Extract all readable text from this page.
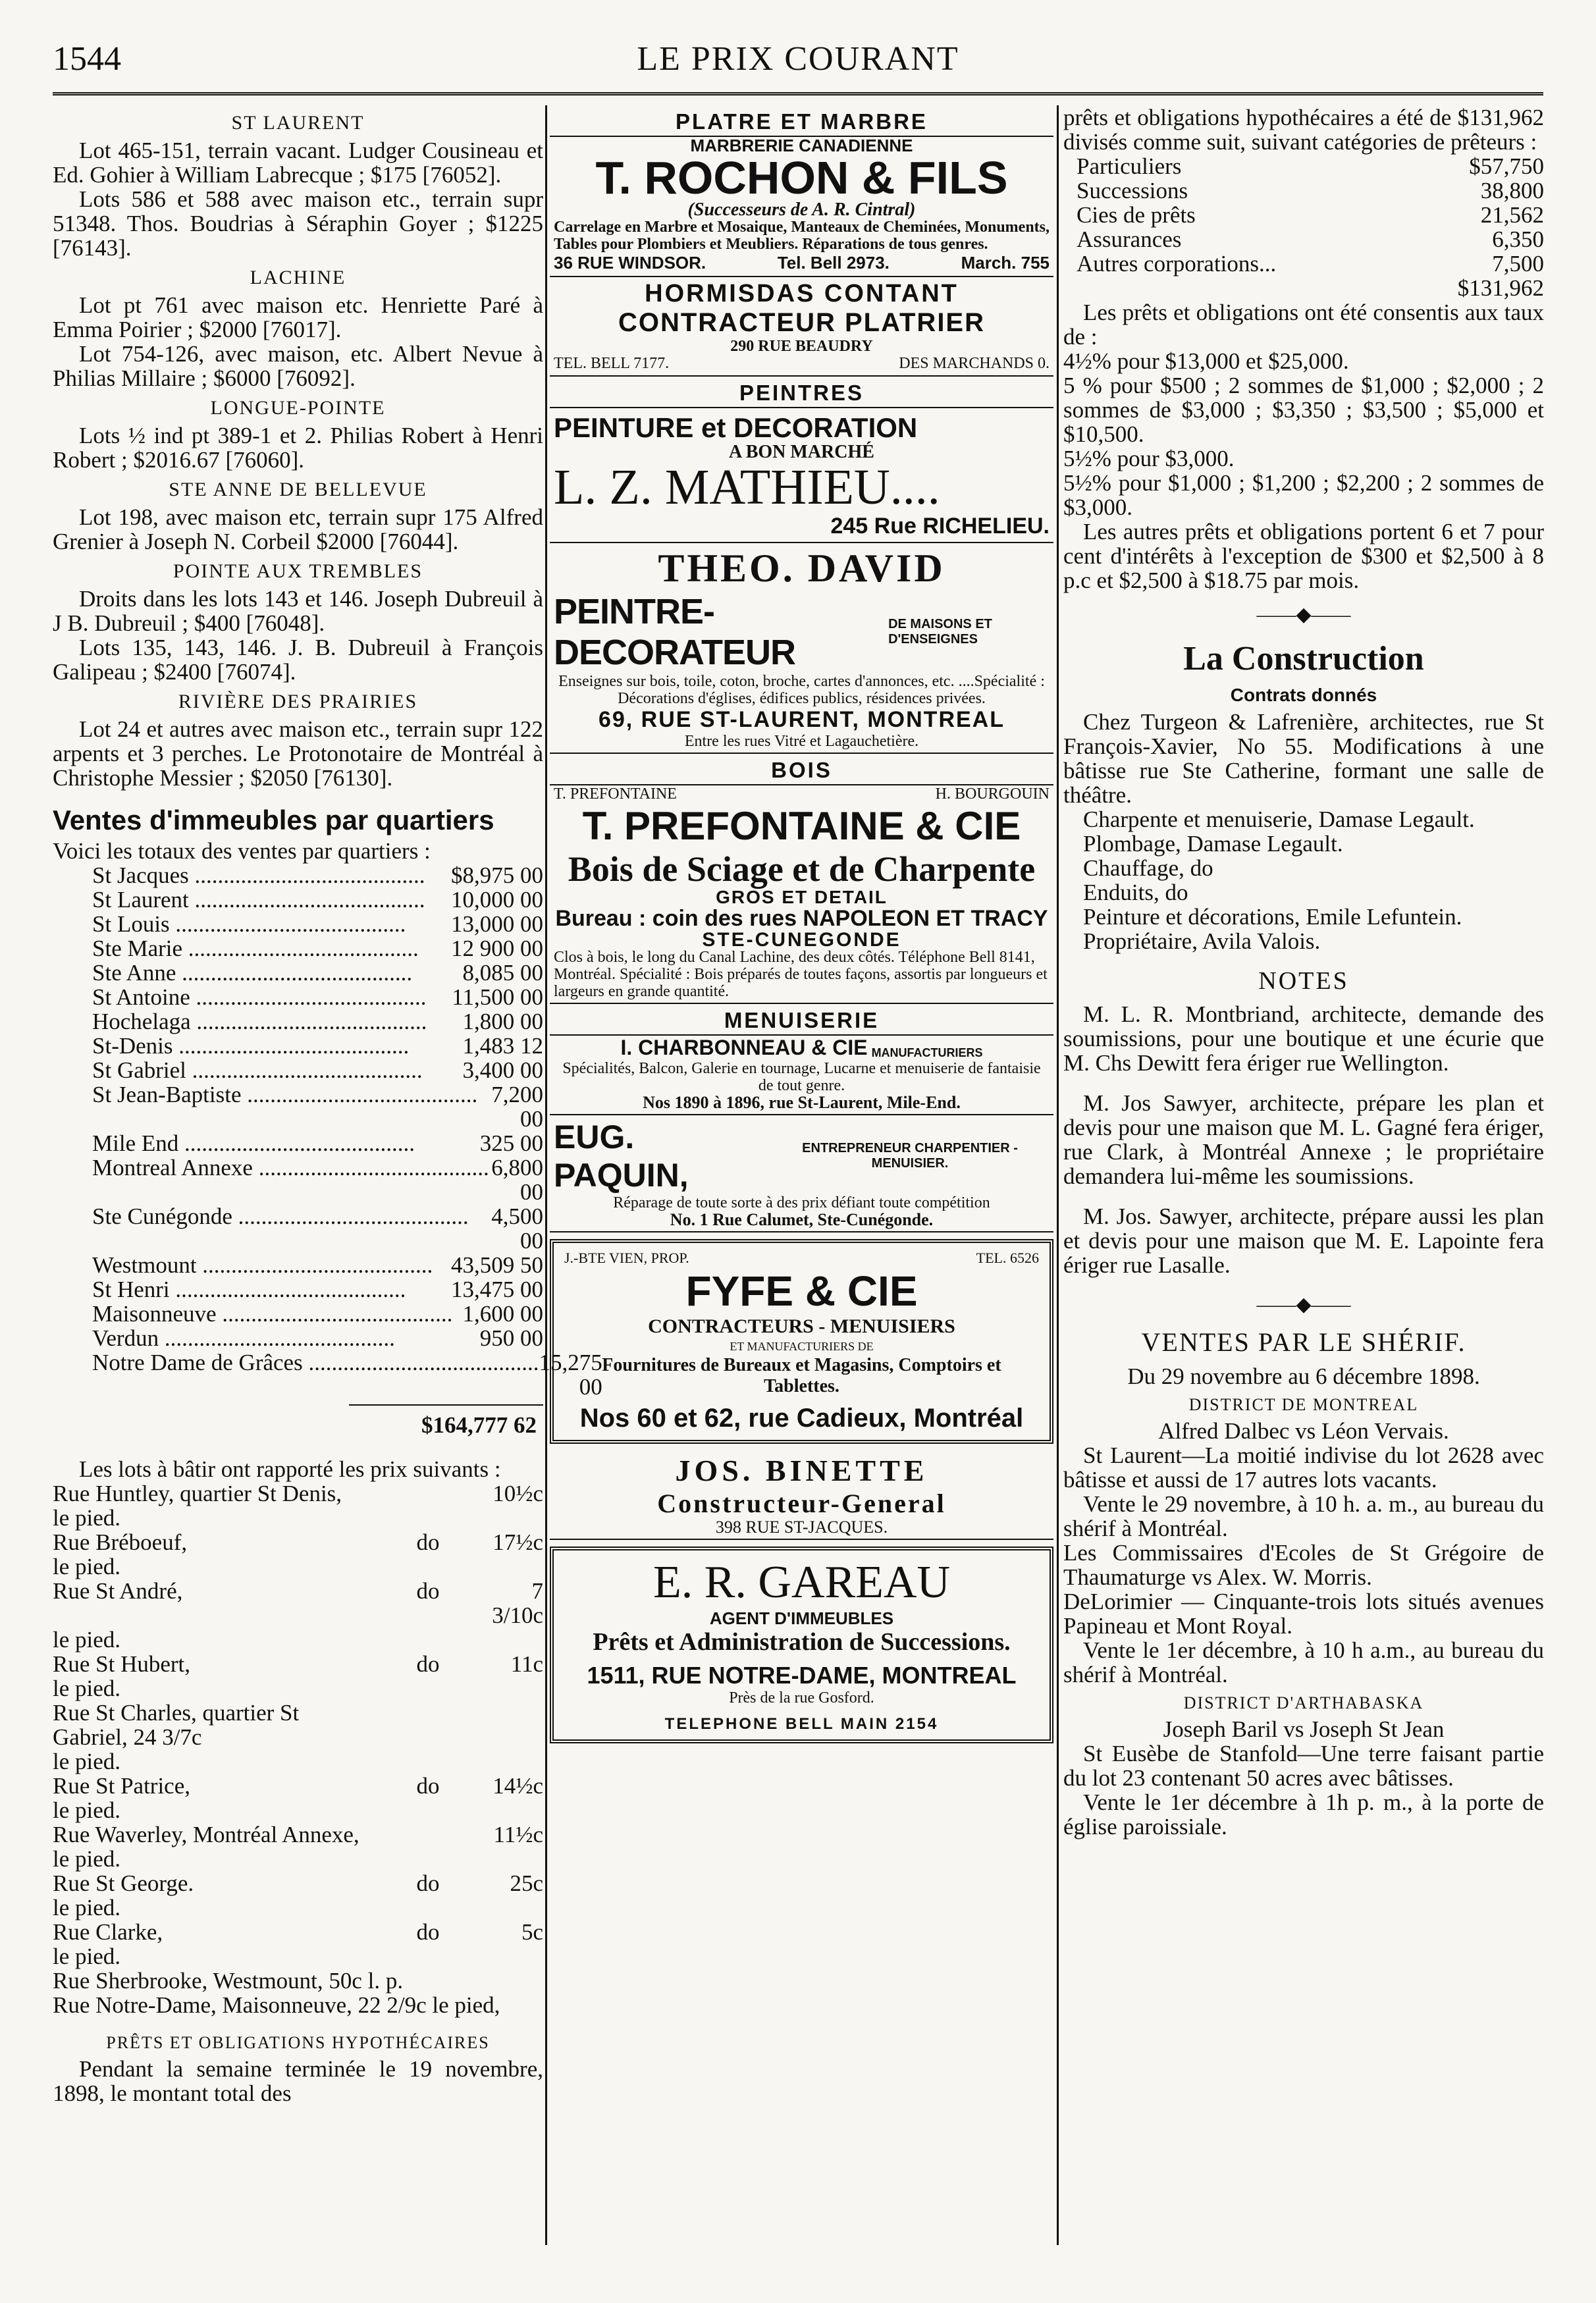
1544	LE PRIX COURANT
ST LAURENT

Lot 465-151, terrain vacant. Ludger Cousineau et Ed. Gohier à William Labrecque ; $175 [76052].

Lots 586 et 588 avec maison etc., terrain supr 51348. Thos. Boudrias à Séraphin Goyer ; $1225 [76143].

LACHINE

Lot pt 761 avec maison etc. Henriette Paré à Emma Poirier ; $2000 [76017].

Lot 754-126, avec maison, etc. Albert Nevue à Philias Millaire ; $6000 [76092].

LONGUE-POINTE

Lots ½ ind pt 389-1 et 2. Philias Robert à Henri Robert ; $2016.67 [76060].

STE ANNE DE BELLEVUE

Lot 198, avec maison etc, terrain supr 175 Alfred Grenier à Joseph N. Corbeil $2000 [76044].

POINTE AUX TREMBLES

Droits dans les lots 143 et 146. Joseph Dubreuil à J B. Dubreuil ; $400 [76048].

Lots 135, 143, 146. J. B. Dubreuil à François Galipeau ; $2400 [76074].

RIVIÈRE DES PRAIRIES

Lot 24 et autres avec maison etc., terrain supr 122 arpents et 3 perches. Le Protonotaire de Montréal à Christophe Messier ; $2050 [76130].

Ventes d'immeubles par quartiers

Voici les totaux des ventes par quartiers :

St Jacques ........................................	$8,975 00
St Laurent ........................................	10,000 00
St Louis ........................................	13,000 00
Ste Marie ........................................	12 900 00
Ste Anne ........................................	8,085 00
St Antoine ........................................	11,500 00
Hochelaga ........................................	1,800 00
St-Denis ........................................	1,483 12
St Gabriel ........................................	3,400 00
St Jean-Baptiste ........................................ 7,200 00
Mile End ........................................	325 00
Montreal Annexe ........................................ 6,800 00
Ste Cunégonde ........................................ 4,500 00
Westmount ........................................ 43,509 50
St Henri ........................................	13,475 00
Maisonneuve ........................................ 1,600 00
Verdun ........................................	950 00
Notre Dame de Grâces ........................................ 15,275 00
$164,777 62

Les lots à bâtir ont rapporté les prix suivants :

Rue Huntley, quartier St Denis,	10½c
le pied.
Rue Bréboeuf,	do	17½c
le pied.
Rue St André,	do	7 3/10c
le pied.
Rue St Hubert,	do	11c
le pied.
Rue St Charles, quartier St Gabriel, 24 3/7c
le pied.
Rue St Patrice,	do	14½c
le pied.
Rue Waverley, Montréal Annexe,	11½c
le pied.
Rue St George.	do	25c
le pied.
Rue Clarke,	do	5c
le pied.
Rue Sherbrooke, Westmount, 50c l. p.
Rue Notre-Dame, Maisonneuve, 22 2/9c le pied,
PRÊTS ET OBLIGATIONS HYPOTHÉCAIRES

Pendant la semaine terminée le 19 novembre, 1898, le montant total des

PLATRE ET MARBRE
MARBRERIE CANADIENNE
T. ROCHON & FILS
(Successeurs de A. R. Cintral)
Carrelage en Marbre et Mosaique, Manteaux de Cheminées, Monuments, Tables pour Plombiers et Meubliers. Réparations de tous genres.
36 RUE WINDSOR.	Tel. Bell 2973.	March. 755
HORMISDAS CONTANT
CONTRACTEUR PLATRIER
290 RUE BEAUDRY
TEL. BELL 7177.	DES MARCHANDS 0.
PEINTRES
PEINTURE et DECORATION
A BON MARCHÉ
L. Z. MATHIEU....
245 Rue RICHELIEU.
THEO. DAVID
PEINTRE-DECORATEUR
DE MAISONS ET D'ENSEIGNES
Enseignes sur bois, toile, coton, broche, cartes d'annonces, etc. ....Spécialité : Décorations d'églises, édifices publics, résidences privées.
69, RUE ST-LAURENT, MONTREAL
Entre les rues Vitré et Lagauchetière.
BOIS
T. PREFONTAINE	H. BOURGOUIN
T. PREFONTAINE & CIE
Bois de Sciage et de Charpente
GROS ET DETAIL
Bureau : coin des rues NAPOLEON ET TRACY
STE-CUNEGONDE
Clos à bois, le long du Canal Lachine, des deux côtés. Téléphone Bell 8141, Montréal. Spécialité : Bois préparés de toutes façons, assortis par longueurs et largeurs en grande quantité.
MENUISERIE
I. CHARBONNEAU & CIE MANUFACTURIERS
Spécialités, Balcon, Galerie en tournage, Lucarne et menuiserie de fantaisie de tout genre.
Nos 1890 à 1896, rue St-Laurent, Mile-End.
EUG. PAQUIN,
ENTREPRENEUR CHARPENTIER - MENUISIER.
Réparage de toute sorte à des prix défiant toute compétition
No. 1 Rue Calumet, Ste-Cunégonde.
J.-BTE VIEN, PROP.	TEL. 6526
FYFE & CIE
CONTRACTEURS - MENUISIERS
ET MANUFACTURIERS DE
Fournitures de Bureaux et Magasins, Comptoirs et Tablettes.
Nos 60 et 62, rue Cadieux, Montréal
JOS. BINETTE
Constructeur-General
398 RUE ST-JACQUES.
E. R. GAREAU
AGENT D'IMMEUBLES
Prêts et Administration de Successions.
1511, RUE NOTRE-DAME, MONTREAL
Près de la rue Gosford.
TELEPHONE BELL MAIN 2154

prêts et obligations hypothécaires a été de $131,962 divisés comme suit, suivant catégories de prêteurs :

Particuliers	$57,750
Successions	38,800
Cies de prêts	21,562
Assurances	6,350
Autres corporations...	7,500
$131,962

Les prêts et obligations ont été consentis aux taux de :

4½% pour $13,000 et $25,000.

5 % pour $500 ; 2 sommes de $1,000 ; $2,000 ; 2 sommes de $3,000 ; $3,350 ; $3,500 ; $5,000 et $10,500.

5½% pour $3,000.

5½% pour $1,000 ; $1,200 ; $2,200 ; 2 sommes de $3,000.

Les autres prêts et obligations portent 6 et 7 pour cent d'intérêts à l'exception de $300 et $2,500 à 8 p.c et $2,500 à $18.75 par mois.

——◆——
La Construction
Contrats donnés

Chez Turgeon & Lafrenière, architectes, rue St François-Xavier, No 55. Modifications à une bâtisse rue Ste Catherine, formant une salle de théâtre.

Charpente et menuiserie, Damase Legault.

Plombage, Damase Legault.

Chauffage, do

Enduits, do

Peinture et décorations, Emile Lefuntein.

Propriétaire, Avila Valois.

NOTES

M. L. R. Montbriand, architecte, demande des soumissions, pour une boutique et une écurie que M. Chs Dewitt fera ériger rue Wellington.

M. Jos Sawyer, architecte, prépare les plan et devis pour une maison que M. L. Gagné fera ériger, rue Clark, à Montréal Annexe ; le propriétaire demandera lui-même les soumissions.

M. Jos. Sawyer, architecte, prépare aussi les plan et devis pour une maison que M. E. Lapointe fera ériger rue Lasalle.

——◆——
VENTES PAR LE SHÉRIF.
Du 29 novembre au 6 décembre 1898.
DISTRICT DE MONTREAL

Alfred Dalbec vs Léon Vervais.

St Laurent—La moitié indivise du lot 2628 avec bâtisse et aussi de 17 autres lots vacants.

Vente le 29 novembre, à 10 h. a. m., au bureau du shérif à Montréal.

Les Commissaires d'Ecoles de St Grégoire de Thaumaturge vs Alex. W. Morris.

DeLorimier — Cinquante-trois lots situés avenues Papineau et Mont Royal.

Vente le 1er décembre, à 10 h a.m., au bureau du shérif à Montréal.

DISTRICT D'ARTHABASKA

Joseph Baril vs Joseph St Jean

St Eusèbe de Stanfold—Une terre faisant partie du lot 23 contenant 50 acres avec bâtisses.

Vente le 1er décembre à 1h p. m., à la porte de église paroissiale.
